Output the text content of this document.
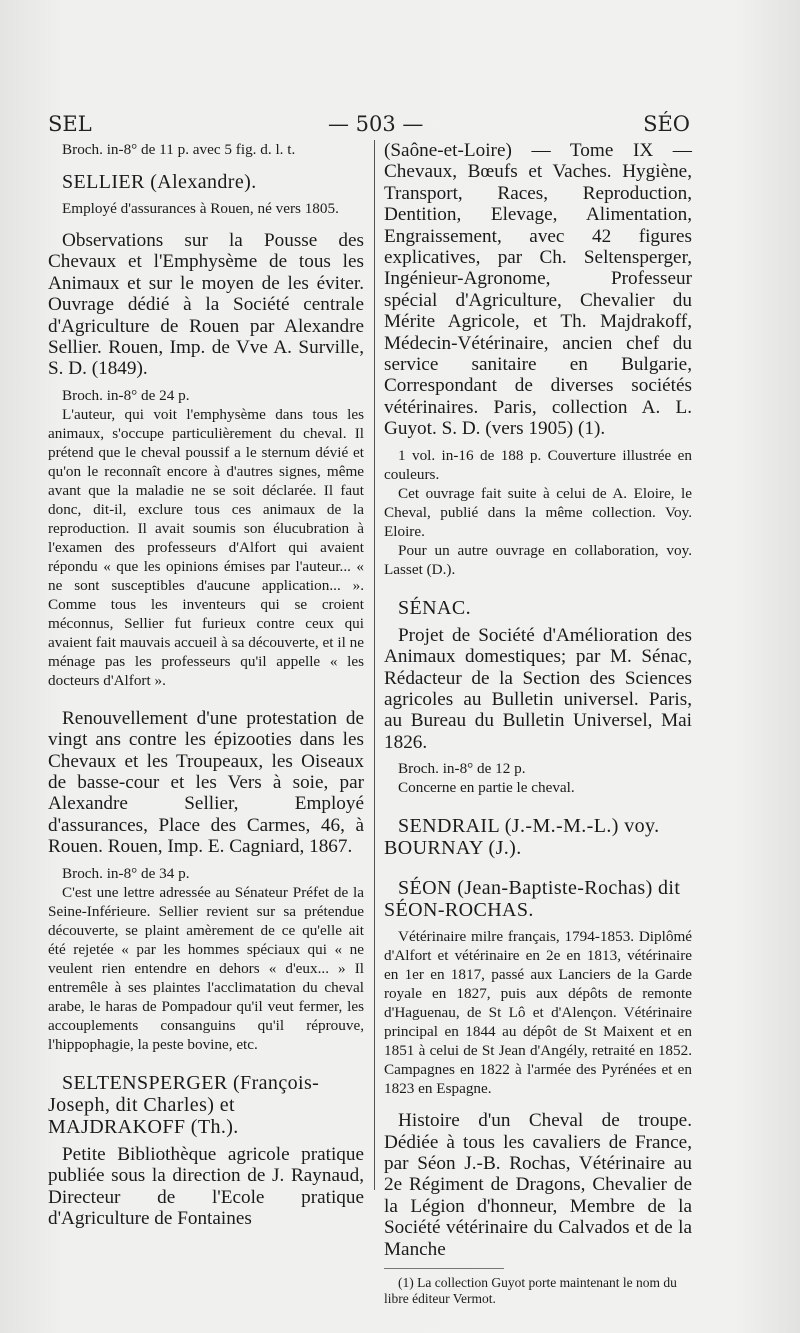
SEL	— 503 —	SÉO

Broch. in-8° de 11 p. avec 5 fig. d. l. t.

SELLIER (Alexandre).

Employé d'assurances à Rouen, né vers 1805.

Observations sur la Pousse des Chevaux et l'Emphysème de tous les Animaux et sur le moyen de les éviter. Ouvrage dédié à la Société centrale d'Agriculture de Rouen par Alexandre Sellier. Rouen, Imp. de Vve A. Surville, S. D. (1849).

Broch. in-8° de 24 p.

L'auteur, qui voit l'emphysème dans tous les animaux, s'occupe particulièrement du cheval. Il prétend que le cheval poussif a le sternum dévié et qu'on le reconnaît encore à d'autres signes, même avant que la maladie ne se soit déclarée. Il faut donc, dit-il, exclure tous ces animaux de la reproduction. Il avait soumis son élucubration à l'examen des professeurs d'Alfort qui avaient répondu « que les opinions émises par l'auteur... « ne sont susceptibles d'aucune application... ». Comme tous les inventeurs qui se croient méconnus, Sellier fut furieux contre ceux qui avaient fait mauvais accueil à sa découverte, et il ne ménage pas les professeurs qu'il appelle « les docteurs d'Alfort ».

Renouvellement d'une protestation de vingt ans contre les épizooties dans les Chevaux et les Troupeaux, les Oiseaux de basse-cour et les Vers à soie, par Alexandre Sellier, Employé d'assurances, Place des Carmes, 46, à Rouen. Rouen, Imp. E. Cagniard, 1867.

Broch. in-8° de 34 p.

C'est une lettre adressée au Sénateur Préfet de la Seine-Inférieure. Sellier revient sur sa prétendue découverte, se plaint amèrement de ce qu'elle ait été rejetée « par les hommes spéciaux qui « ne veulent rien entendre en dehors « d'eux... » Il entremêle à ses plaintes l'acclimatation du cheval arabe, le haras de Pompadour qu'il veut fermer, les accouplements consanguins qu'il réprouve, l'hippophagie, la peste bovine, etc.

SELTENSPERGER (François-Joseph, dit Charles) et MAJDRAKOFF (Th.).

Petite Bibliothèque agricole pratique publiée sous la direction de J. Raynaud, Directeur de l'Ecole pratique d'Agriculture de Fontaines

(Saône-et-Loire) — Tome IX — Chevaux, Bœufs et Vaches. Hygiène, Transport, Races, Reproduction, Dentition, Elevage, Alimentation, Engraissement, avec 42 figures explicatives, par Ch. Seltensperger, Ingénieur-Agronome, Professeur spécial d'Agriculture, Chevalier du Mérite Agricole, et Th. Majdrakoff, Médecin-Vétérinaire, ancien chef du service sanitaire en Bulgarie, Correspondant de diverses sociétés vétérinaires. Paris, collection A. L. Guyot. S. D. (vers 1905) (1).

1 vol. in-16 de 188 p. Couverture illustrée en couleurs.

Cet ouvrage fait suite à celui de A. Eloire, le Cheval, publié dans la même collection. Voy. Eloire.

Pour un autre ouvrage en collaboration, voy. Lasset (D.).

SÉNAC.

Projet de Société d'Amélioration des Animaux domestiques; par M. Sénac, Rédacteur de la Section des Sciences agricoles au Bulletin universel. Paris, au Bureau du Bulletin Universel, Mai 1826.

Broch. in-8° de 12 p.

Concerne en partie le cheval.

SENDRAIL (J.-M.-M.-L.) voy. BOURNAY (J.).

SÉON (Jean-Baptiste-Rochas) dit SÉON-ROCHAS.

Vétérinaire milre français, 1794-1853. Diplômé d'Alfort et vétérinaire en 2e en 1813, vétérinaire en 1er en 1817, passé aux Lanciers de la Garde royale en 1827, puis aux dépôts de remonte d'Haguenau, de St Lô et d'Alençon. Vétérinaire principal en 1844 au dépôt de St Maixent et en 1851 à celui de St Jean d'Angély, retraité en 1852. Campagnes en 1822 à l'armée des Pyrénées et en 1823 en Espagne.

Histoire d'un Cheval de troupe. Dédiée à tous les cavaliers de France, par Séon J.-B. Rochas, Vétérinaire au 2e Régiment de Dragons, Chevalier de la Légion d'honneur, Membre de la Société vétérinaire du Calvados et de la Manche

(1) La collection Guyot porte maintenant le nom du libre éditeur Vermot.
